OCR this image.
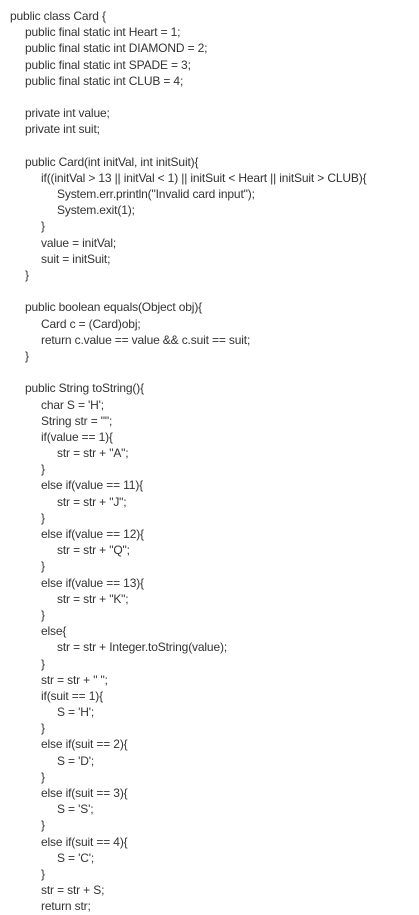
public class Card {
public final static int Heart = 1;
public final static int DIAMOND = 2;
public final static int SPADE = 3;
public final static int CLUB = 4;
private int value;
private int suit;
public Card(int initVal, int initSuit){
if((initVal > 13 || initVal < 1) || initSuit < Heart || initSuit > CLUB){
System.err.println("Invalid card input");
System.exit(1);
}
value = initVal;
suit = initSuit;
}
public boolean equals(Object obj){
Card c = (Card)obj;
return c.value == value && c.suit == suit;
}
public String toString(){
char S = 'H';
String str = "";
if(value == 1){
str = str + "A";
}
else if(value == 11){
str = str + "J";
}
else if(value == 12){
str = str + "Q";
}
else if(value == 13){
str = str + "K";
}
else{
str = str + Integer.toString(value);
}
str = str + " ";
if(suit == 1){
S = 'H';
}
else if(suit == 2){
S = 'D';
}
else if(suit == 3){
S = 'S';
}
else if(suit == 4){
S = 'C';
}
str = str + S;
return str;
